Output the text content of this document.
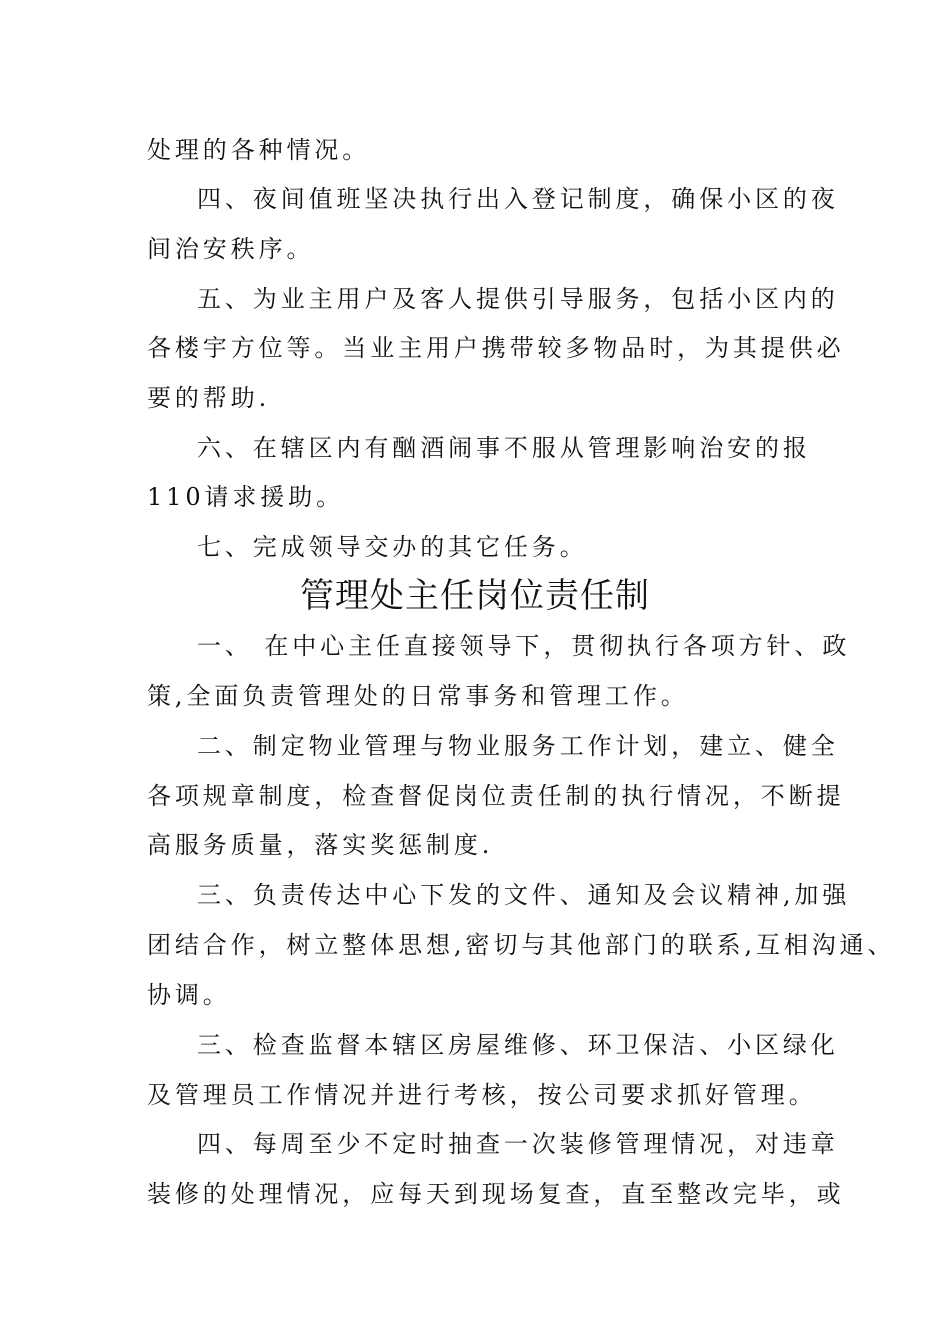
处理的各种情况。
四、夜间值班坚决执行出入登记制度，确保小区的夜
间治安秩序。
五、为业主用户及客人提供引导服务，包括小区内的
各楼宇方位等。当业主用户携带较多物品时，为其提供必
要的帮助.
六、在辖区内有酗酒闹事不服从管理影响治安的报
110请求援助。
七、完成领导交办的其它任务。
管理处主任岗位责任制
一、 在中心主任直接领导下，贯彻执行各项方针、政
策,全面负责管理处的日常事务和管理工作。
二、制定物业管理与物业服务工作计划，建立、健全
各项规章制度，检查督促岗位责任制的执行情况，不断提
高服务质量，落实奖惩制度.
三、负责传达中心下发的文件、通知及会议精神,加强
团结合作，树立整体思想,密切与其他部门的联系,互相沟通、
协调。
三、检查监督本辖区房屋维修、环卫保洁、小区绿化
及管理员工作情况并进行考核，按公司要求抓好管理。
四、每周至少不定时抽查一次装修管理情况，对违章
装修的处理情况，应每天到现场复查，直至整改完毕，或
